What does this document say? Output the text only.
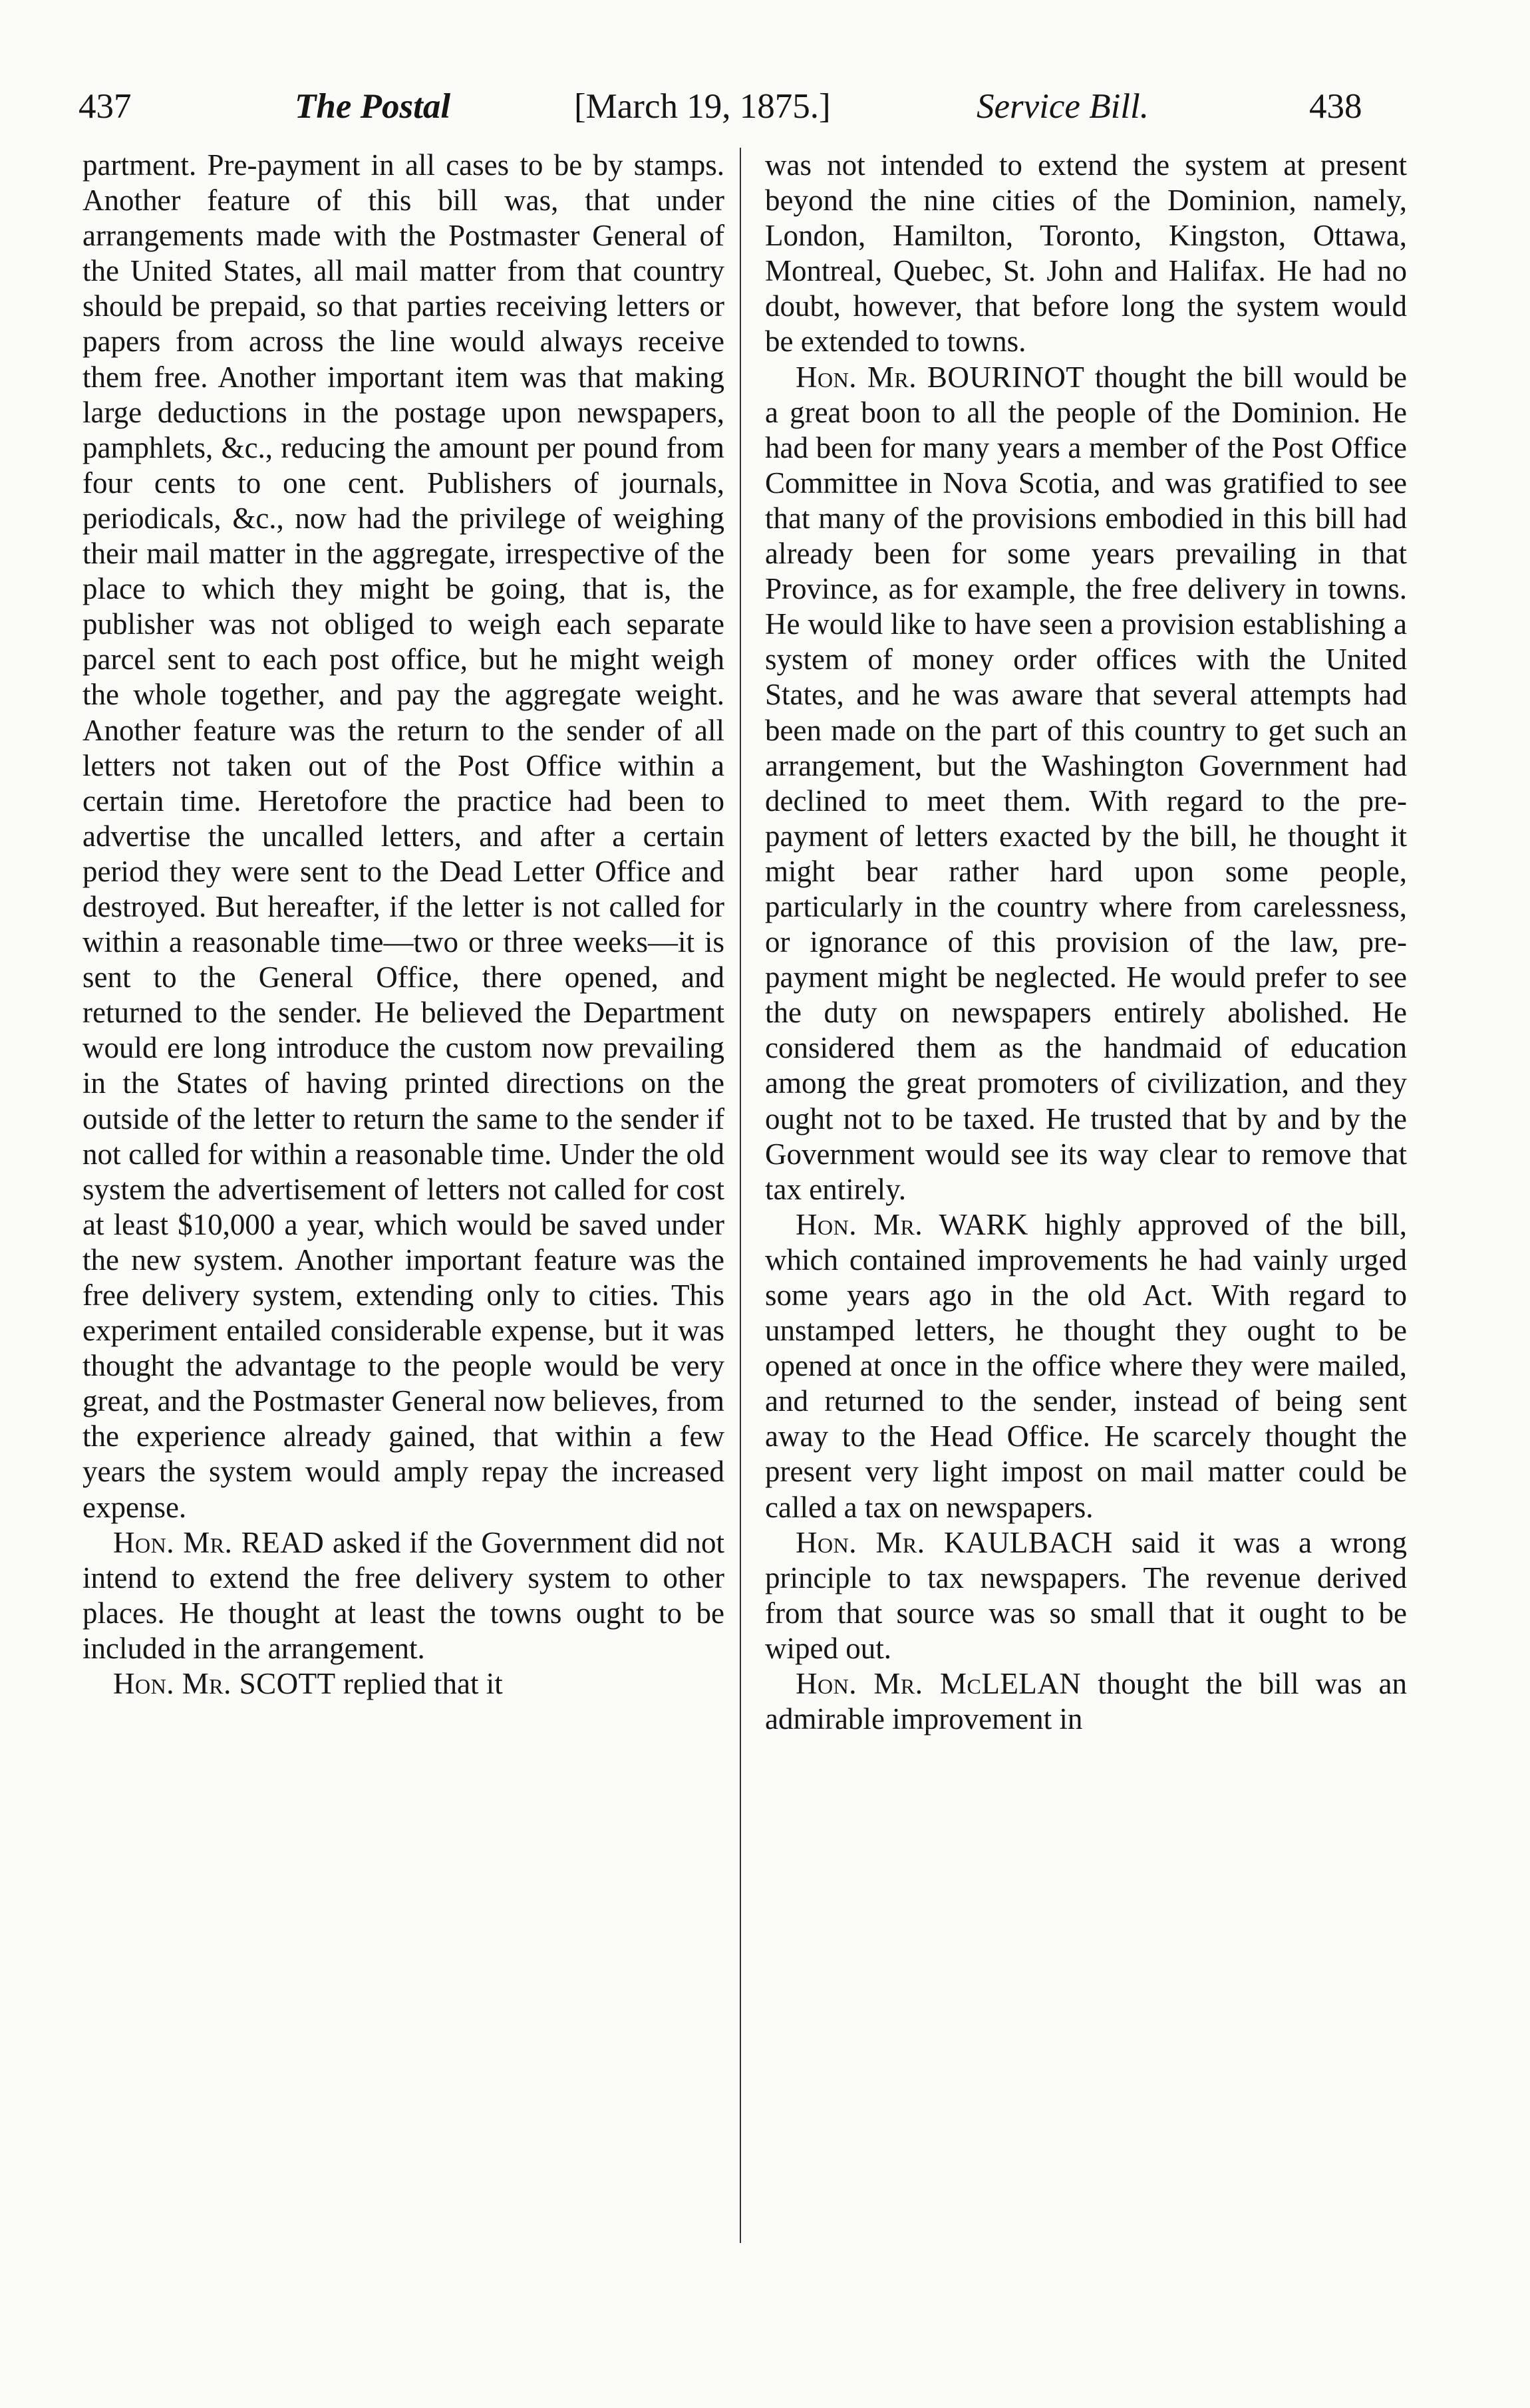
437	The Postal	[March 19, 1875.]	Service Bill.	438

partment. Pre-payment in all cases to be by stamps. Another feature of this bill was, that under arrangements made with the Postmaster General of the United States, all mail matter from that country should be prepaid, so that parties receiving letters or papers from across the line would always receive them free. Another important item was that making large deductions in the postage upon newspapers, pamphlets, &c., reducing the amount per pound from four cents to one cent. Publishers of journals, periodicals, &c., now had the privilege of weighing their mail matter in the aggregate, irrespective of the place to which they might be going, that is, the publisher was not obliged to weigh each separate parcel sent to each post office, but he might weigh the whole together, and pay the aggregate weight. Another feature was the return to the sender of all letters not taken out of the Post Office within a certain time. Heretofore the practice had been to advertise the uncalled letters, and after a certain period they were sent to the Dead Letter Office and destroyed. But hereafter, if the letter is not called for within a reasonable time—two or three weeks—it is sent to the General Office, there opened, and returned to the sender. He believed the Department would ere long introduce the custom now prevailing in the States of having printed directions on the outside of the letter to return the same to the sender if not called for within a reasonable time. Under the old system the advertisement of letters not called for cost at least $10,000 a year, which would be saved under the new system. Another important feature was the free delivery system, extending only to cities. This experiment entailed considerable expense, but it was thought the advantage to the people would be very great, and the Postmaster General now believes, from the experience already gained, that within a few years the system would amply repay the increased expense.

Hon. Mr. READ asked if the Government did not intend to extend the free delivery system to other places. He thought at least the towns ought to be included in the arrangement.

Hon. Mr. SCOTT replied that it

was not intended to extend the system at present beyond the nine cities of the Dominion, namely, London, Hamilton, Toronto, Kingston, Ottawa, Montreal, Quebec, St. John and Halifax. He had no doubt, however, that before long the system would be extended to towns.

Hon. Mr. BOURINOT thought the bill would be a great boon to all the people of the Dominion. He had been for many years a member of the Post Office Committee in Nova Scotia, and was gratified to see that many of the provisions embodied in this bill had already been for some years prevailing in that Province, as for example, the free delivery in towns. He would like to have seen a provision establishing a system of money order offices with the United States, and he was aware that several attempts had been made on the part of this country to get such an arrangement, but the Washington Government had declined to meet them. With regard to the pre-payment of letters exacted by the bill, he thought it might bear rather hard upon some people, particularly in the country where from carelessness, or ignorance of this provision of the law, pre-payment might be neglected. He would prefer to see the duty on newspapers entirely abolished. He considered them as the handmaid of education among the great promoters of civilization, and they ought not to be taxed. He trusted that by and by the Government would see its way clear to remove that tax entirely.

Hon. Mr. WARK highly approved of the bill, which contained improvements he had vainly urged some years ago in the old Act. With regard to unstamped letters, he thought they ought to be opened at once in the office where they were mailed, and returned to the sender, instead of being sent away to the Head Office. He scarcely thought the present very light impost on mail matter could be called a tax on newspapers.

Hon. Mr. KAULBACH said it was a wrong principle to tax newspapers. The revenue derived from that source was so small that it ought to be wiped out.

Hon. Mr. McLELAN thought the bill was an admirable improvement in
